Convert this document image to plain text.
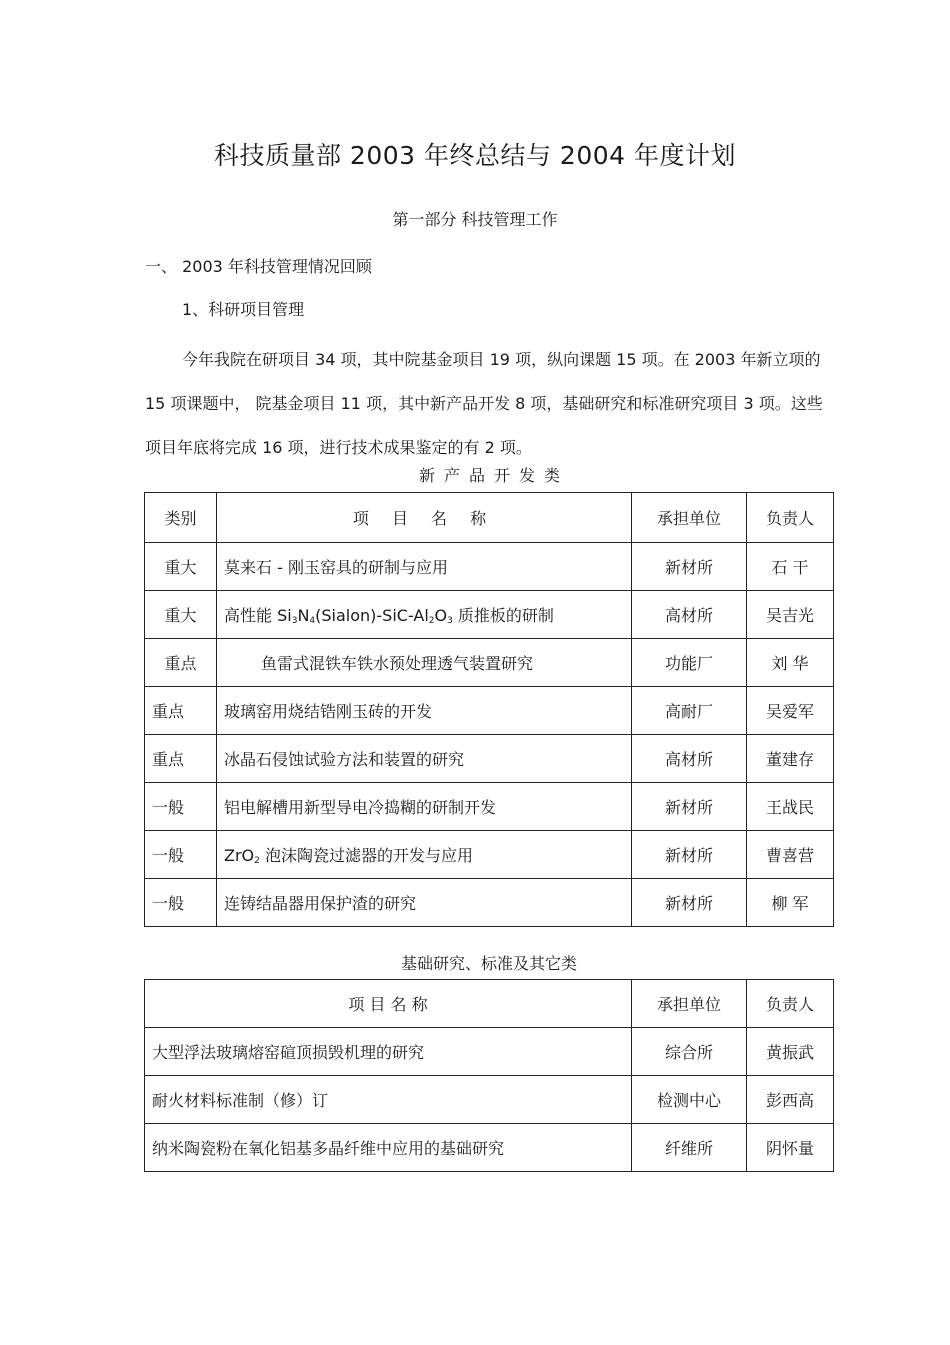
科技质量部 2003 年终总结与 2004 年度计划
第一部分 科技管理工作
一、 2003 年科技管理情况回顾
1、科研项目管理
今年我院在研项目 34 项，其中院基金项目 19 项，纵向课题 15 项。在 2003 年新立项的 15 项课题中， 院基金项目 11 项，其中新产品开发 8 项，基础研究和标准研究项目 3 项。这些项目年底将完成 16 项，进行技术成果鉴定的有 2 项。
新产品开发类
类别	项 目 名 称	承担单位	负责人
重大	莫来石 - 刚玉窑具的研制与应用	新材所	石 干
重大	高性能 $Si_3N_4(Sialon)-SiC-Al_2O_3$ 质推板的研制	高材所	吴吉光
重点	鱼雷式混铁车铁水预处理透气装置研究	功能厂	刘 华
重点	玻璃窑用烧结锆刚玉砖的开发	高耐厂	吴爱军
重点	冰晶石侵蚀试验方法和装置的研究	高材所	董建存
一般	铝电解槽用新型导电冷捣糊的研制开发	新材所	王战民
一般	ZrO$_2$ 泡沫陶瓷过滤器的开发与应用	新材所	曹喜营
一般	连铸结晶器用保护渣的研究	新材所	柳 军
基础研究、标准及其它类
项 目 名 称	承担单位	负责人
大型浮法玻璃熔窑碹顶损毁机理的研究	综合所	黄振武
耐火材料标准制（修）订	检测中心	彭西高
纳米陶瓷粉在氧化铝基多晶纤维中应用的基础研究	纤维所	阴怀量
